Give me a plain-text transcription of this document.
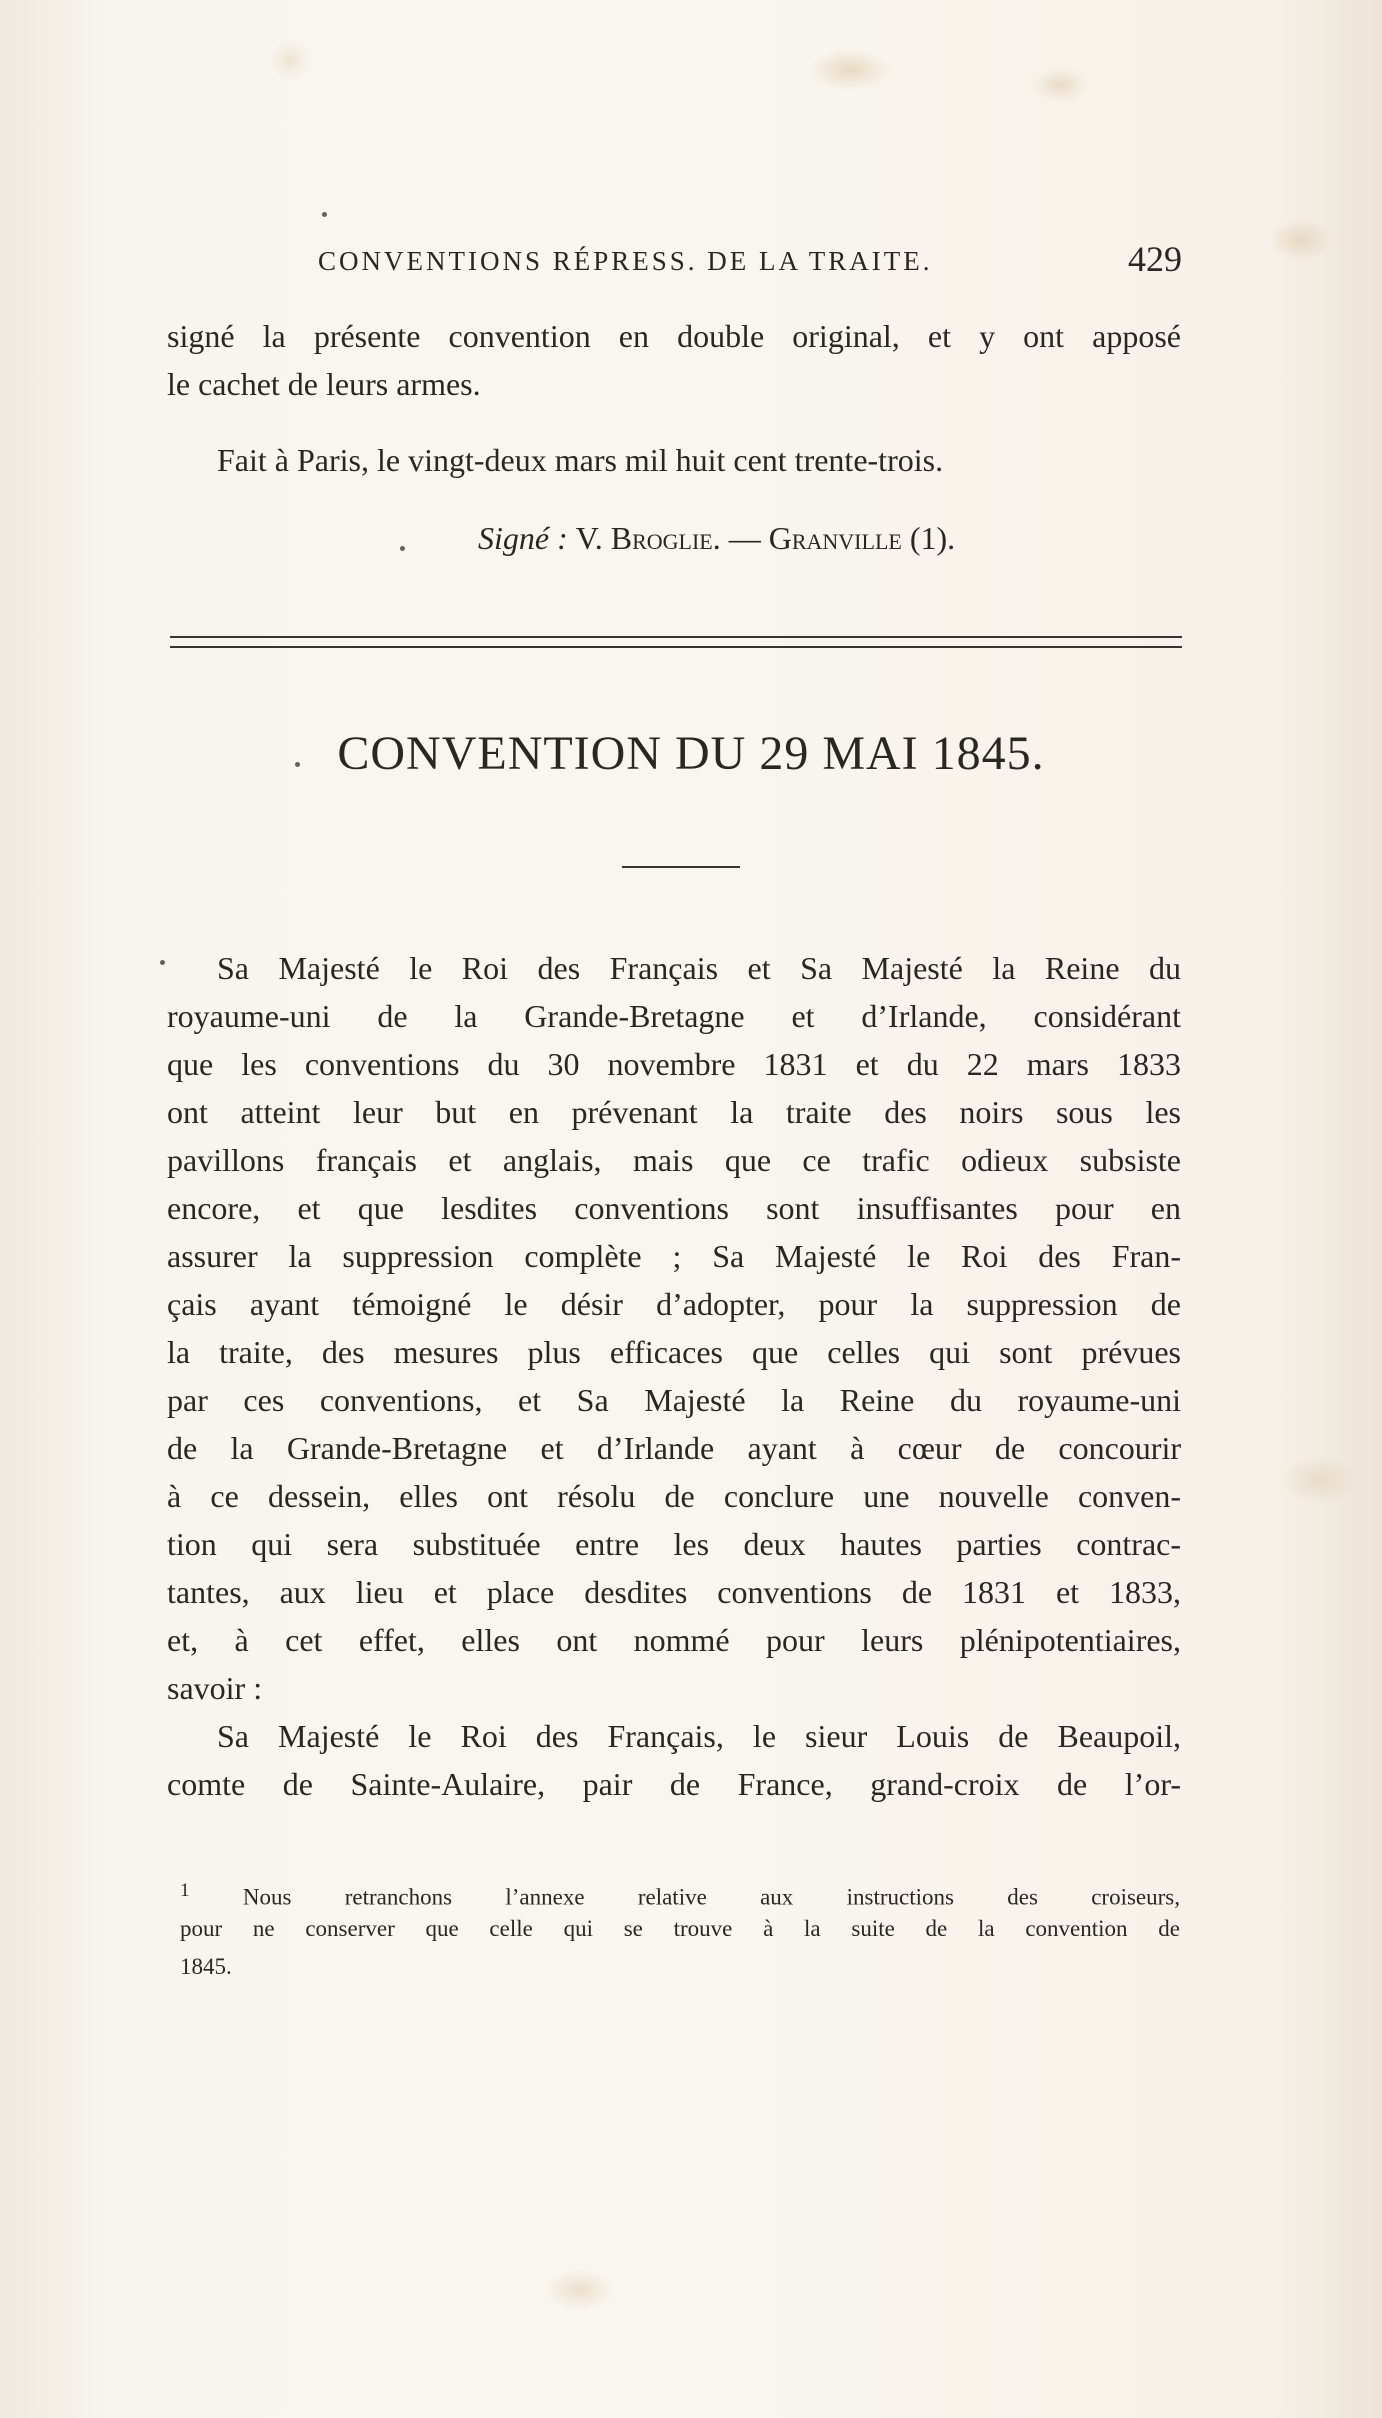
CONVENTIONS RÉPRESS. DE LA TRAITE.	429
signé la présente convention en double original, et y ont apposé
le cachet de leurs armes.
Fait à Paris, le vingt-deux mars mil huit cent trente-trois.
Signé : V. Broglie. — Granville (1).
CONVENTION DU 29 MAI 1845.
Sa Majesté le Roi des Français et Sa Majesté la Reine du
royaume-uni de la Grande-Bretagne et d’Irlande, considérant
que les conventions du 30 novembre 1831 et du 22 mars 1833
ont atteint leur but en prévenant la traite des noirs sous les
pavillons français et anglais, mais que ce trafic odieux subsiste
encore, et que lesdites conventions sont insuffisantes pour en
assurer la suppression complète ; Sa Majesté le Roi des Fran-
çais ayant témoigné le désir d’adopter, pour la suppression de
la traite, des mesures plus efficaces que celles qui sont prévues
par ces conventions, et Sa Majesté la Reine du royaume-uni
de la Grande-Bretagne et d’Irlande ayant à cœur de concourir
à ce dessein, elles ont résolu de conclure une nouvelle conven-
tion qui sera substituée entre les deux hautes parties contrac-
tantes, aux lieu et place desdites conventions de 1831 et 1833,
et, à cet effet, elles ont nommé pour leurs plénipotentiaires,
savoir :
Sa Majesté le Roi des Français, le sieur Louis de Beaupoil,
comte de Sainte-Aulaire, pair de France, grand-croix de l’or-
$^1$ Nous retranchons l’annexe relative aux instructions des croiseurs,
pour ne conserver que celle qui se trouve à la suite de la convention de
1845.
